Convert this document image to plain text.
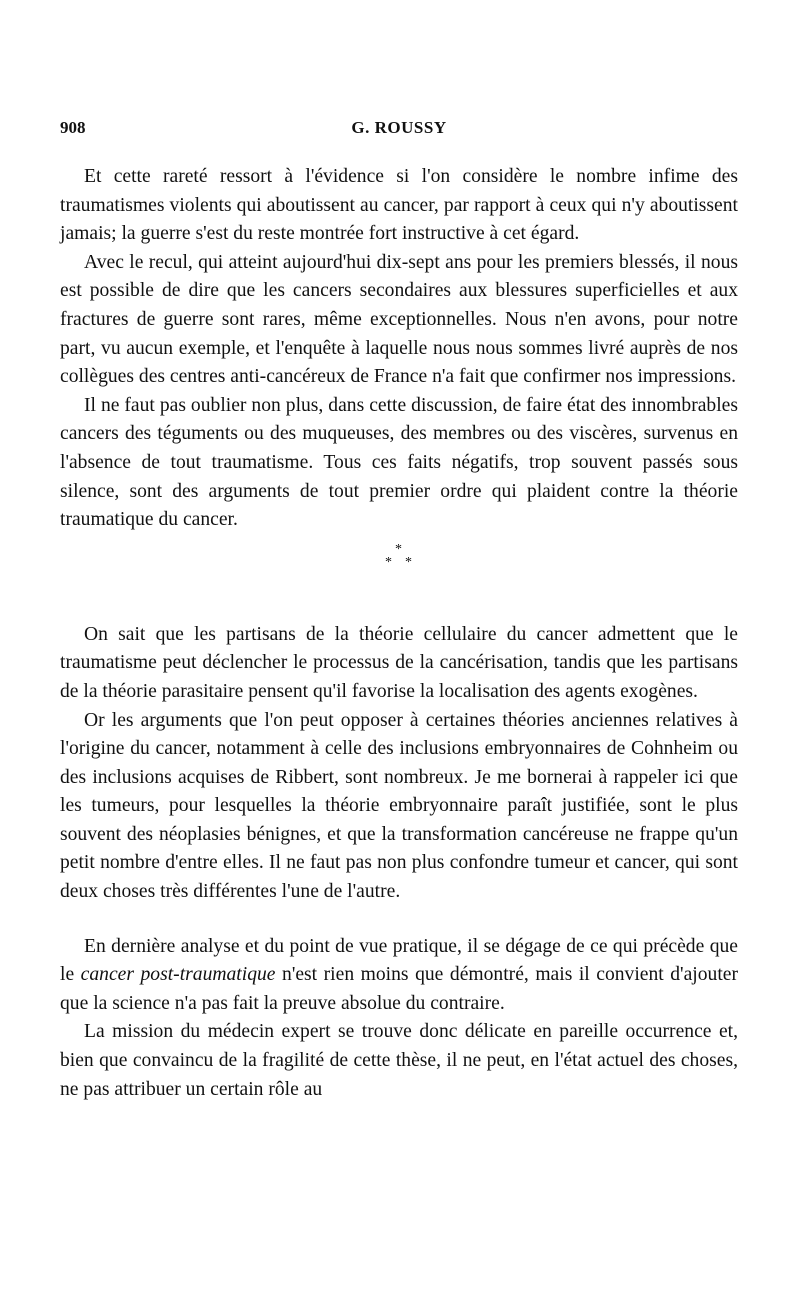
908	G. ROUSSY

Et cette rareté ressort à l'évidence si l'on considère le nombre infime des traumatismes violents qui aboutissent au cancer, par rapport à ceux qui n'y aboutissent jamais; la guerre s'est du reste montrée fort instructive à cet égard.

Avec le recul, qui atteint aujourd'hui dix-sept ans pour les premiers blessés, il nous est possible de dire que les cancers secondaires aux blessures superficielles et aux fractures de guerre sont rares, même exceptionnelles. Nous n'en avons, pour notre part, vu aucun exemple, et l'enquête à laquelle nous nous sommes livré auprès de nos collègues des centres anti-cancéreux de France n'a fait que confirmer nos impressions.

Il ne faut pas oublier non plus, dans cette discussion, de faire état des innombrables cancers des téguments ou des muqueuses, des membres ou des viscères, survenus en l'absence de tout traumatisme. Tous ces faits négatifs, trop souvent passés sous silence, sont des arguments de tout premier ordre qui plaident contre la théorie traumatique du cancer.

*
* *

On sait que les partisans de la théorie cellulaire du cancer admettent que le traumatisme peut déclencher le processus de la cancérisation, tandis que les partisans de la théorie parasitaire pensent qu'il favorise la localisation des agents exogènes.

Or les arguments que l'on peut opposer à certaines théories anciennes relatives à l'origine du cancer, notamment à celle des inclusions embryonnaires de Cohnheim ou des inclusions acquises de Ribbert, sont nombreux. Je me bornerai à rappeler ici que les tumeurs, pour lesquelles la théorie embryonnaire paraît justifiée, sont le plus souvent des néoplasies bénignes, et que la transformation cancéreuse ne frappe qu'un petit nombre d'entre elles. Il ne faut pas non plus confondre tumeur et cancer, qui sont deux choses très différentes l'une de l'autre.

En dernière analyse et du point de vue pratique, il se dégage de ce qui précède que le cancer post-traumatique n'est rien moins que démontré, mais il convient d'ajouter que la science n'a pas fait la preuve absolue du contraire.

La mission du médecin expert se trouve donc délicate en pareille occurrence et, bien que convaincu de la fragilité de cette thèse, il ne peut, en l'état actuel des choses, ne pas attribuer un certain rôle au
